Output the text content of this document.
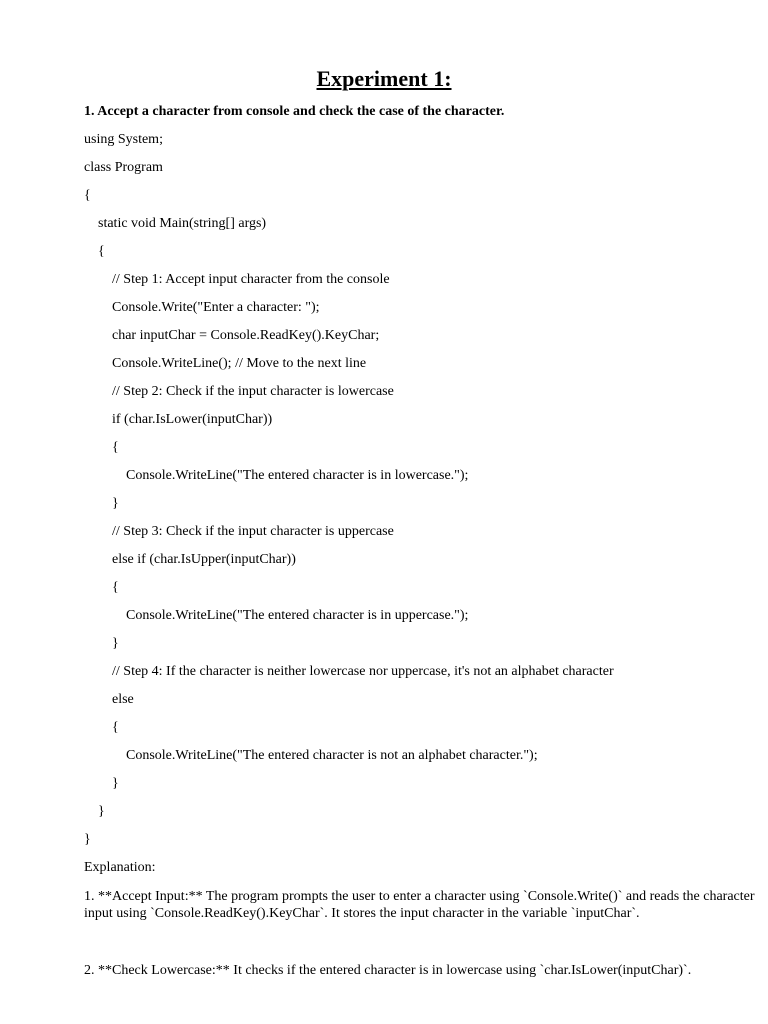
Experiment 1:
1. Accept a character from console and check the case of the character.
using System;
class Program
{
static void Main(string[] args)
{
// Step 1: Accept input character from the console
Console.Write("Enter a character: ");
char inputChar = Console.ReadKey().KeyChar;
Console.WriteLine(); // Move to the next line
// Step 2: Check if the input character is lowercase
if (char.IsLower(inputChar))
{
Console.WriteLine("The entered character is in lowercase.");
}
// Step 3: Check if the input character is uppercase
else if (char.IsUpper(inputChar))
{
Console.WriteLine("The entered character is in uppercase.");
}
// Step 4: If the character is neither lowercase nor uppercase, it's not an alphabet character
else
{
Console.WriteLine("The entered character is not an alphabet character.");
}
}
}
Explanation:
1. **Accept Input:** The program prompts the user to enter a character using `Console.Write()` and reads the character input using `Console.ReadKey().KeyChar`. It stores the input character in the variable `inputChar`.
2. **Check Lowercase:** It checks if the entered character is in lowercase using `char.IsLower(inputChar)`.
